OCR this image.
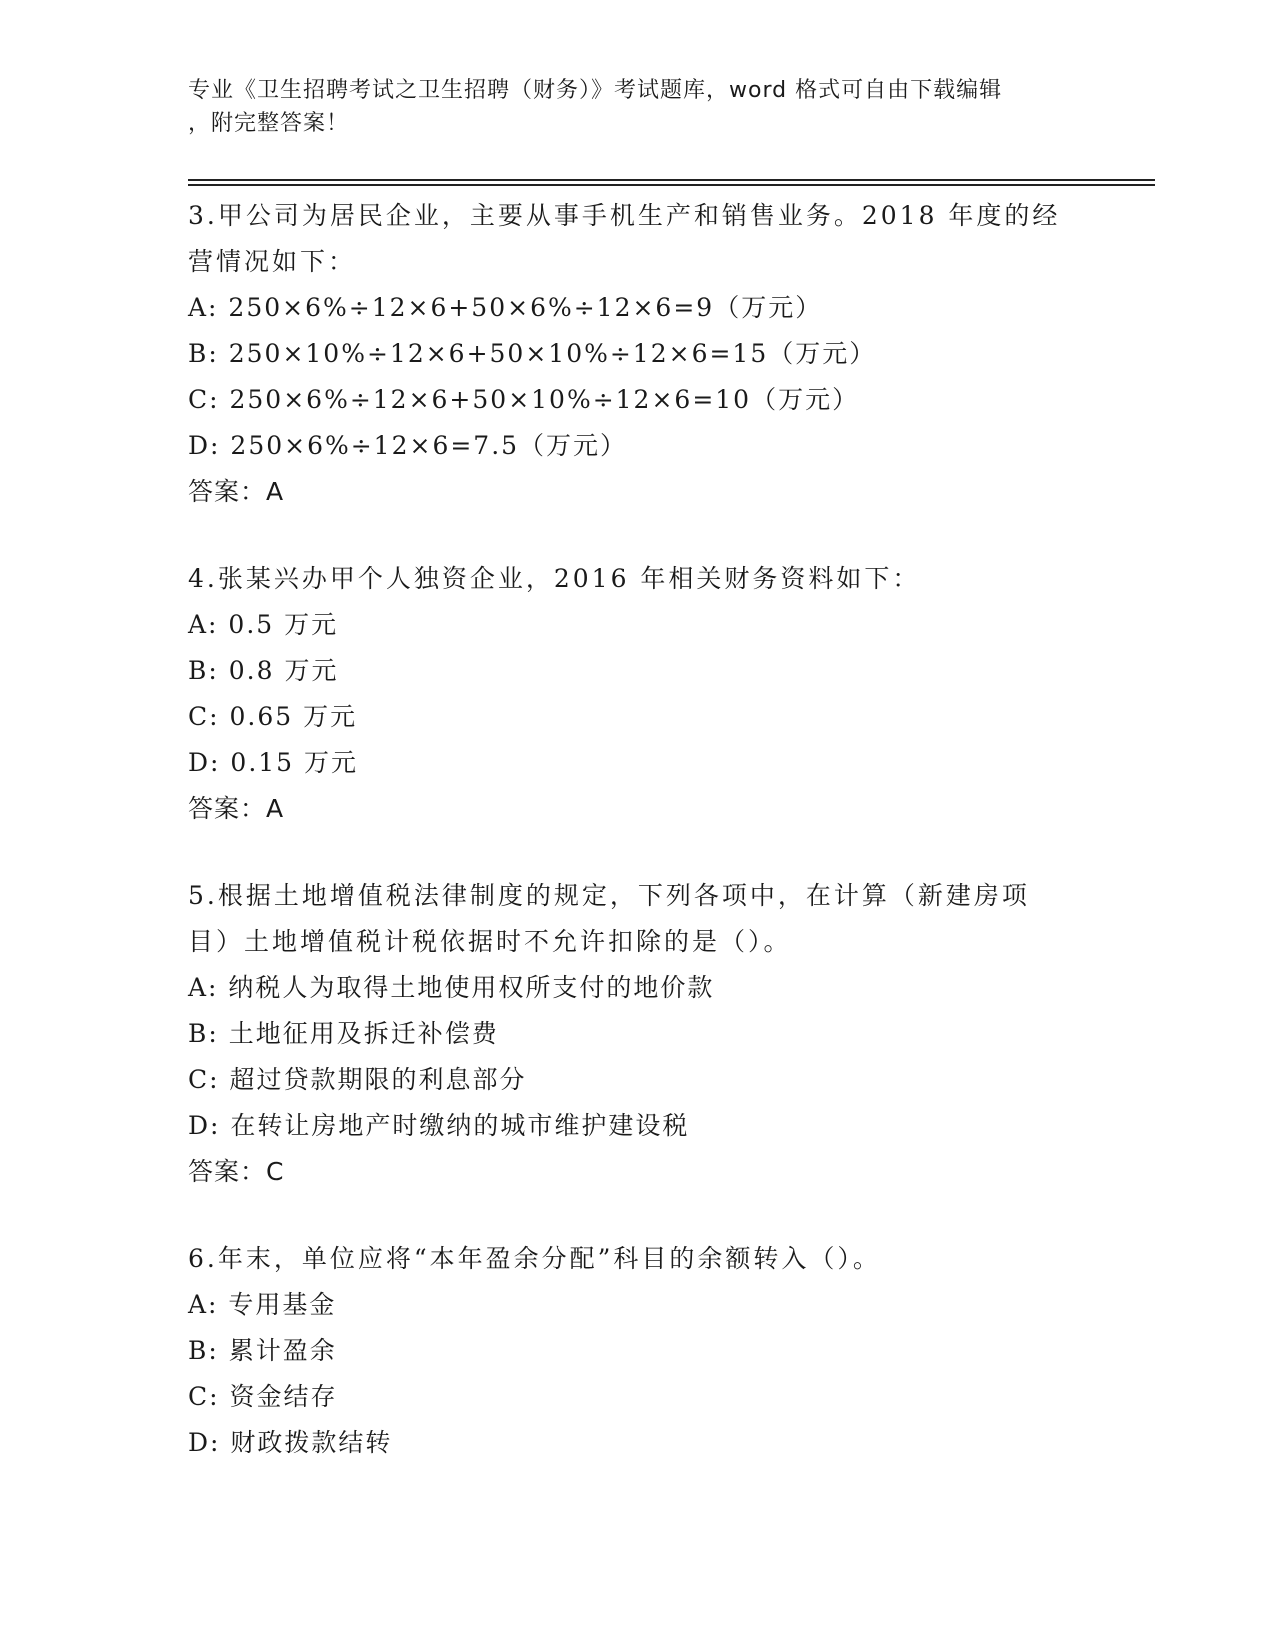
专业《卫生招聘考试之卫生招聘（财务）》考试题库，word 格式可自由下载编辑
，附完整答案！
3.甲公司为居民企业，主要从事手机生产和销售业务。2018 年度的经
营情况如下：
A: 250×6%÷12×6+50×6%÷12×6=9（万元）
B: 250×10%÷12×6+50×10%÷12×6=15（万元）
C: 250×6%÷12×6+50×10%÷12×6=10（万元）
D: 250×6%÷12×6=7.5（万元）
答案：A
4.张某兴办甲个人独资企业，2016 年相关财务资料如下：
A: 0.5 万元
B: 0.8 万元
C: 0.65 万元
D: 0.15 万元
答案：A
5.根据土地增值税法律制度的规定，下列各项中，在计算（新建房项
目）土地增值税计税依据时不允许扣除的是（）。
A: 纳税人为取得土地使用权所支付的地价款
B: 土地征用及拆迁补偿费
C: 超过贷款期限的利息部分
D: 在转让房地产时缴纳的城市维护建设税
答案：C
6.年末，单位应将“本年盈余分配”科目的余额转入（）。
A: 专用基金
B: 累计盈余
C: 资金结存
D: 财政拨款结转
